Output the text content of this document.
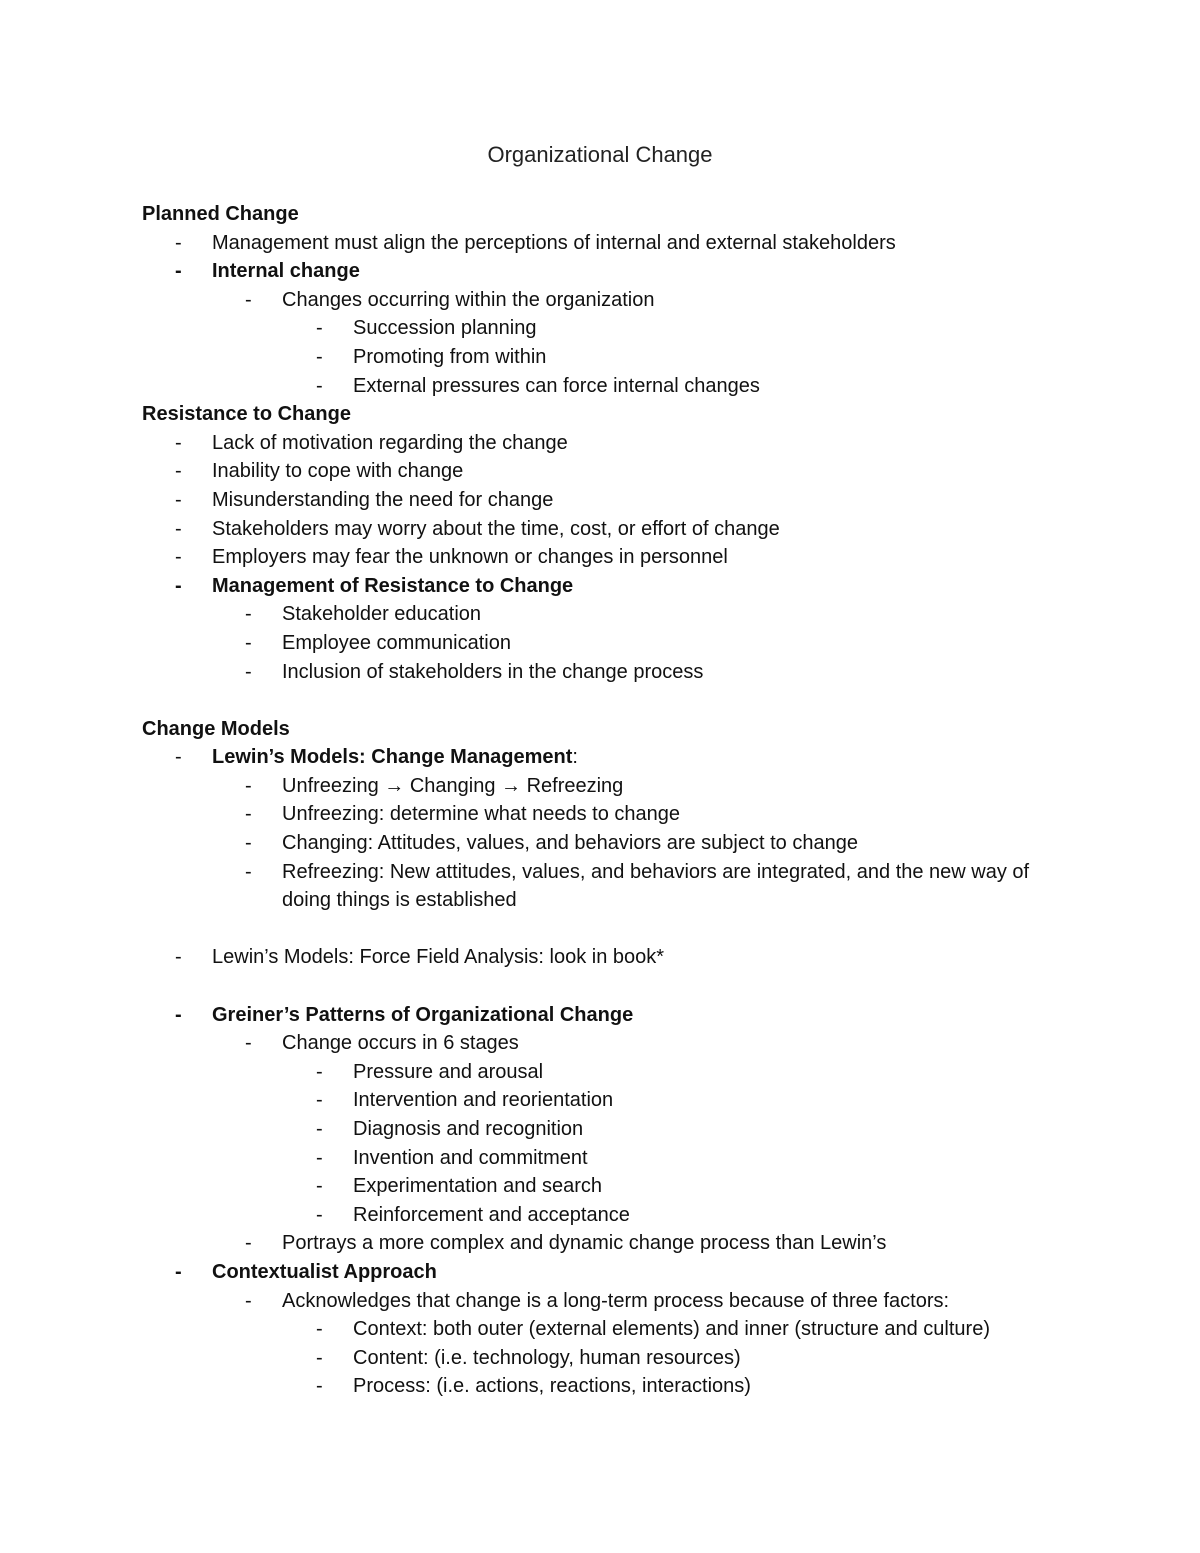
Organizational Change
Planned Change
- Management must align the perceptions of internal and external stakeholders
- Internal change
- Changes occurring within the organization
- Succession planning
- Promoting from within
- External pressures can force internal changes
Resistance to Change
- Lack of motivation regarding the change
- Inability to cope with change
- Misunderstanding the need for change
- Stakeholders may worry about the time, cost, or effort of change
- Employers may fear the unknown or changes in personnel
- Management of Resistance to Change
- Stakeholder education
- Employee communication
- Inclusion of stakeholders in the change process
Change Models
- Lewin’s Models: Change Management:
- Unfreezing → Changing → Refreezing
- Unfreezing: determine what needs to change
- Changing: Attitudes, values, and behaviors are subject to change
- Refreezing: New attitudes, values, and behaviors are integrated, and the new way of doing things is established
- Lewin’s Models: Force Field Analysis: look in book*
- Greiner’s Patterns of Organizational Change
- Change occurs in 6 stages
- Pressure and arousal
- Intervention and reorientation
- Diagnosis and recognition
- Invention and commitment
- Experimentation and search
- Reinforcement and acceptance
- Portrays a more complex and dynamic change process than Lewin’s
- Contextualist Approach
- Acknowledges that change is a long-term process because of three factors:
- Context: both outer (external elements) and inner (structure and culture)
- Content: (i.e. technology, human resources)
- Process: (i.e. actions, reactions, interactions)
